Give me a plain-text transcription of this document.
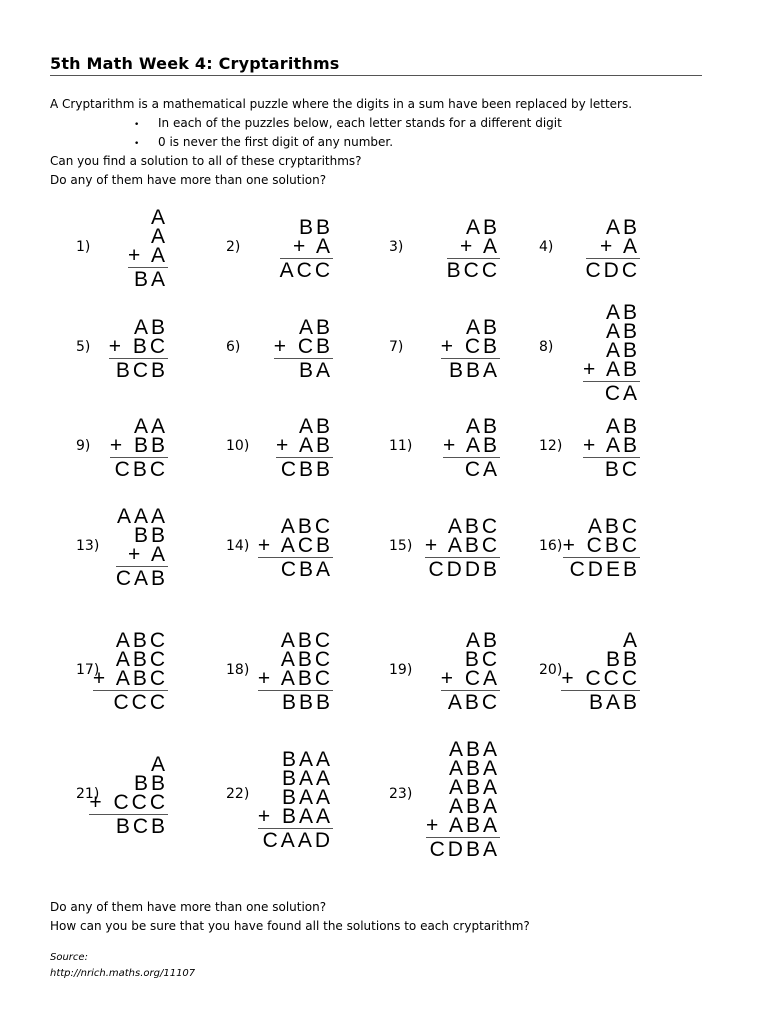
5th Math Week 4: Cryptarithms
A Cryptarithm is a mathematical puzzle where the digits in a sum have been replaced by letters.
• In each of the puzzles below, each letter stands for a different digit
• 0 is never the first digit of any number.
Can you find a solution to all of these cryptarithms?
Do any of them have more than one solution?
1)
A
A
+ A
BA
2)
BB
+ A
ACC
3)
AB
+ A
BCC
4)
AB
+ A
CDC
5)
AB
+ BC
BCB
6)
AB
+ CB
BA
7)
AB
+ CB
BBA
8)
AB
AB
AB
+ AB
CA
9)
AA
+ BB
CBC
10)
AB
+ AB
CBB
11)
AB
+ AB
CA
12)
AB
+ AB
BC
13)
AAA
BB
+ A
CAB
14)
ABC
+ ACB
CBA
15)
ABC
+ ABC
CDDB
16)
ABC
+ CBC
CDEB
17)
ABC
ABC
+ ABC
CCC
18)
ABC
ABC
+ ABC
BBB
19)
AB
BC
+ CA
ABC
20)
A
BB
+ CCC
BAB
21)
A
BB
+ CCC
BCB
22)
BAA
BAA
BAA
+ BAA
CAAD
23)
ABA
ABA
ABA
ABA
+ ABA
CDBA
Do any of them have more than one solution?
How can you be sure that you have found all the solutions to each cryptarithm?
Source:
http://nrich.maths.org/11107
